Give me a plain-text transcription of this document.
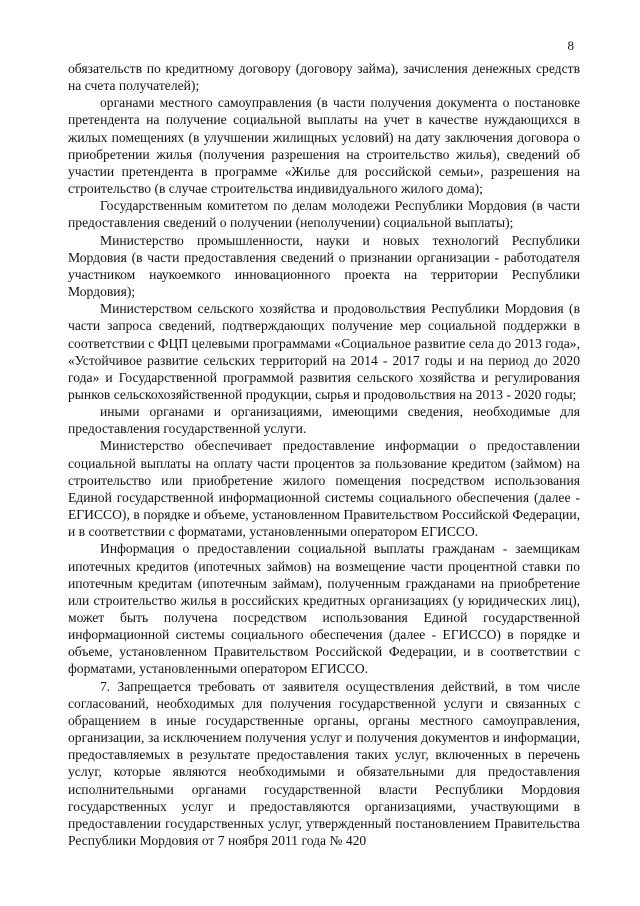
8

обязательств по кредитному договору (договору займа), зачисления денежных средств на счета получателей);

органами местного самоуправления (в части получения документа о постановке претендента на получение социальной выплаты на учет в качестве нуждающихся в жилых помещениях (в улучшении жилищных условий) на дату заключения договора о приобретении жилья (получения разрешения на строительство жилья), сведений об участии претендента в программе «Жилье для российской семьи», разрешения на строительство (в случае строительства индивидуального жилого дома);

Государственным комитетом по делам молодежи Республики Мордовия (в части предоставления сведений о получении (неполучении) социальной выплаты);

Министерство промышленности, науки и новых технологий Республики Мордовия (в части предоставления сведений о признании организации - работодателя участником наукоемкого инновационного проекта на территории Республики Мордовия);

Министерством сельского хозяйства и продовольствия Республики Мордовия (в части запроса сведений, подтверждающих получение мер социальной поддержки в соответствии с ФЦП целевыми программами «Социальное развитие села до 2013 года», «Устойчивое развитие сельских территорий на 2014 - 2017 годы и на период до 2020 года» и Государственной программой развития сельского хозяйства и регулирования рынков сельскохозяйственной продукции, сырья и продовольствия на 2013 - 2020 годы;

иными органами и организациями, имеющими сведения, необходимые для предоставления государственной услуги.

Министерство обеспечивает предоставление информации о предоставлении социальной выплаты на оплату части процентов за пользование кредитом (займом) на строительство или приобретение жилого помещения посредством использования Единой государственной информационной системы социального обеспечения (далее - ЕГИССО), в порядке и объеме, установленном Правительством Российской Федерации, и в соответствии с форматами, установленными оператором ЕГИССО.

Информация о предоставлении социальной выплаты гражданам - заемщикам ипотечных кредитов (ипотечных займов) на возмещение части процентной ставки по ипотечным кредитам (ипотечным займам), полученным гражданами на приобретение или строительство жилья в российских кредитных организациях (у юридических лиц), может быть получена посредством использования Единой государственной информационной системы социального обеспечения (далее - ЕГИССО) в порядке и объеме, установленном Правительством Российской Федерации, и в соответствии с форматами, установленными оператором ЕГИССО.

7. Запрещается требовать от заявителя осуществления действий, в том числе согласований, необходимых для получения государственной услуги и связанных с обращением в иные государственные органы, органы местного самоуправления, организации, за исключением получения услуг и получения документов и информации, предоставляемых в результате предоставления таких услуг, включенных в перечень услуг, которые являются необходимыми и обязательными для предоставления исполнительными органами государственной власти Республики Мордовия государственных услуг и предоставляются организациями, участвующими в предоставлении государственных услуг, утвержденный постановлением Правительства Республики Мордовия от 7 ноября 2011 года № 420
